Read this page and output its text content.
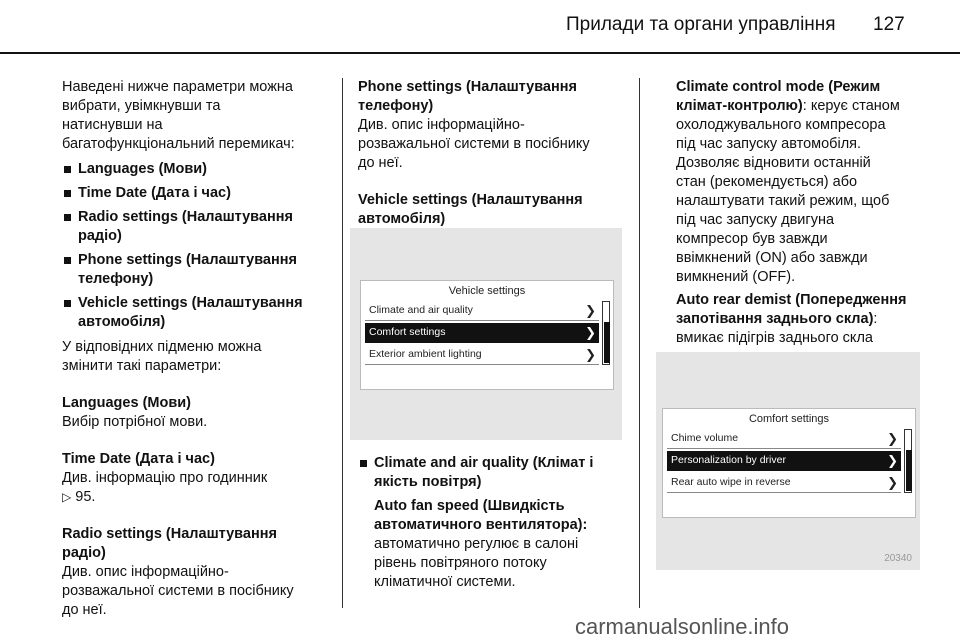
Прилади та органи управління 127

Наведені нижче параметри можна

вибрати, увімкнувши та

натиснувши на

багатофункціональний перемикач:

Languages (Мови)
Time Date (Дата і час)
Radio settings (Налаштування
радіо)
Phone settings (Налаштування
телефону)
Vehicle settings (Налаштування
автомобіля)

У відповідних підменю можна

змінити такі параметри:

Languages (Мови)

Вибір потрібної мови.

Time Date (Дата і час)

Див. інформацію про годинник

▷ 95.

Radio settings (Налаштування
радіо)

Див. опис інформаційно-

розважальної системи в посібнику

до неї.

Phone settings (Налаштування
телефону)

Див. опис інформаційно-

розважальної системи в посібнику

до неї.

Vehicle settings (Налаштування
автомобіля)

Vehicle settings
Climate and air quality	❯
Comfort settings	❯
Exterior ambient lighting	❯
Climate and air quality (Клімат і
якість повітря)

Auto fan speed (Швидкість
автоматичного вентилятора):

автоматично регулює в салоні

рівень повітряного потоку

кліматичної системи.

Climate control mode (Режим
клімат-контролю): керує станом

охолоджувального компресора

під час запуску автомобіля.

Дозволяє відновити останній

стан (рекомендується) або

налаштувати такий режим, щоб

під час запуску двигуна

компресор був завжди

ввімкнений (ON) або завжди

вимкнений (OFF).

Auto rear demist (Попередження
запотівання заднього скла):

вмикає підігрів заднього скла

Comfort settings
Chime volume	❯
Personalization by driver	❯
Rear auto wipe in reverse	❯
20340
carmanualsonline.info
